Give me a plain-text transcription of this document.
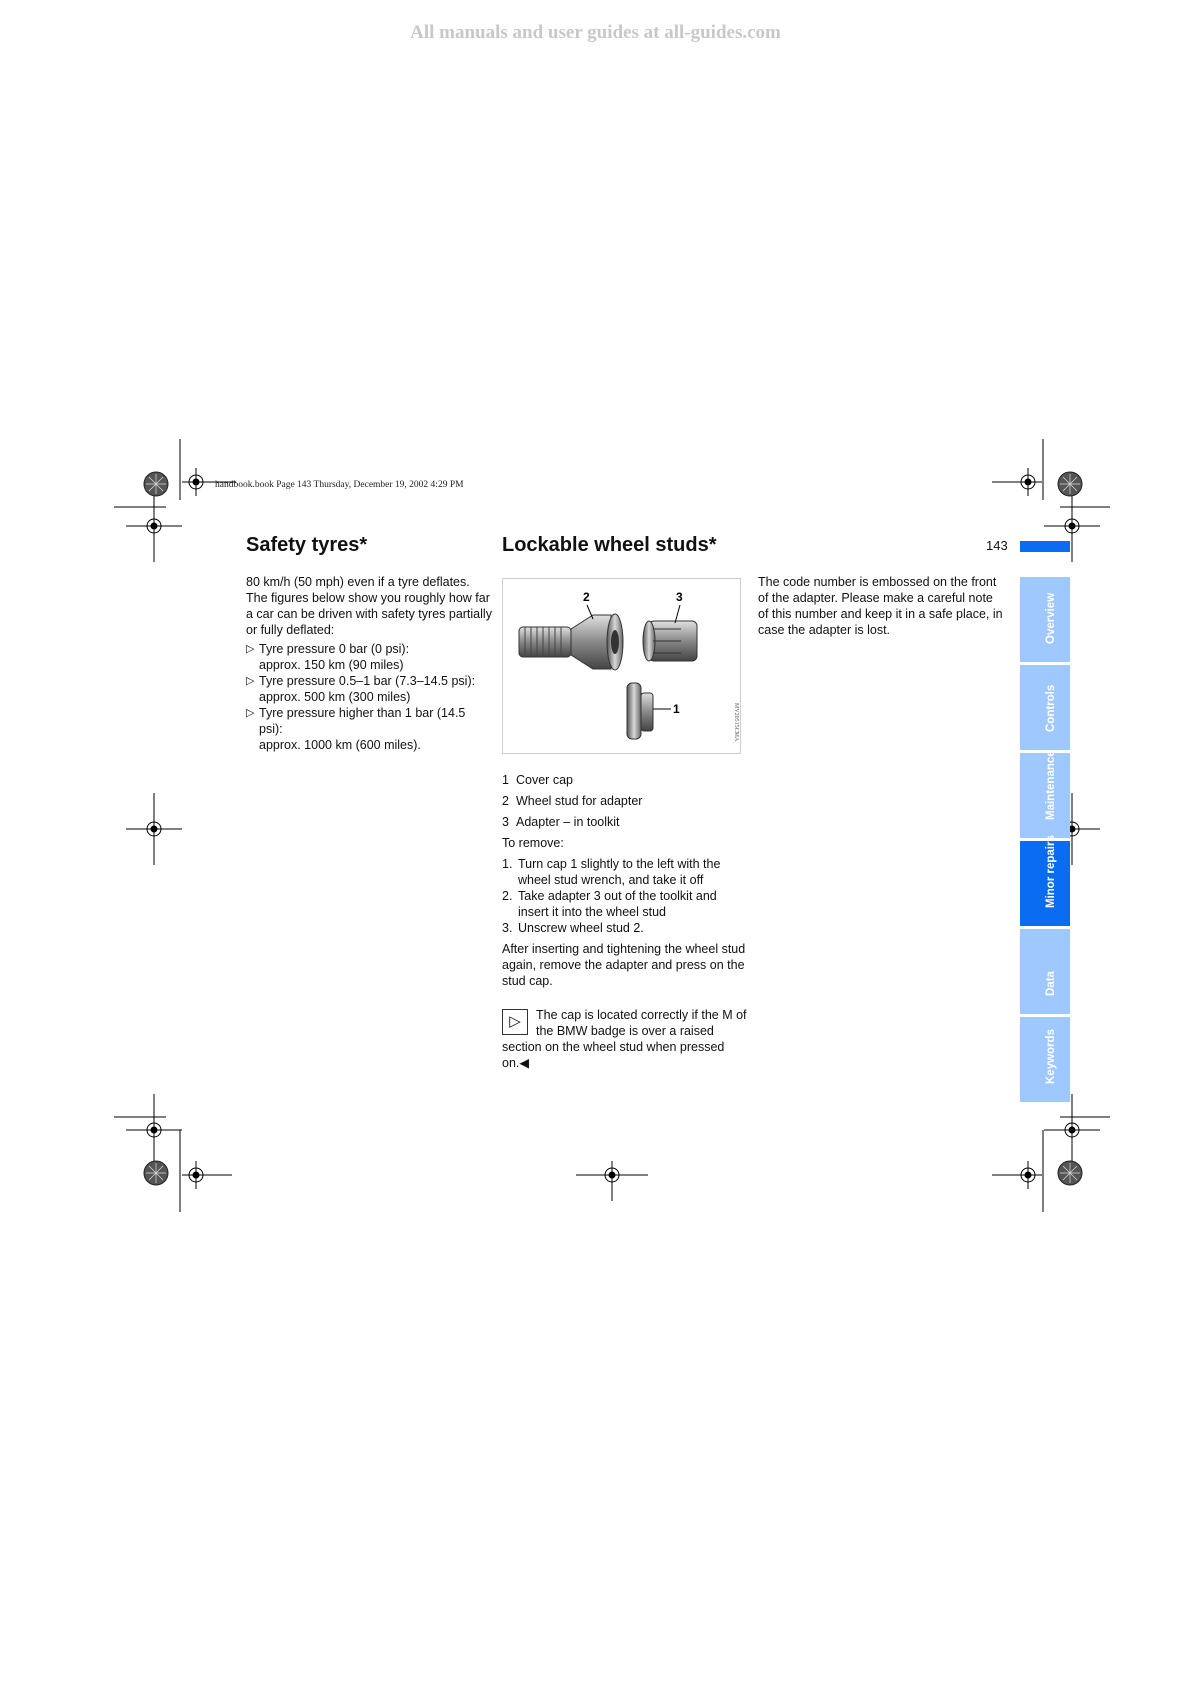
All manuals and user guides at all-guides.com
handbook.book Page 143 Thursday, December 19, 2002 4:29 PM
Safety tyres*

80 km/h (50 mph) even if a tyre deflates. The figures below show you roughly how far a car can be driven with safety tyres partially or fully deflated:

▷ Tyre pressure 0 bar (0 psi):
approx. 150 km (90 miles)
▷ Tyre pressure 0.5–1 bar (7.3–14.5 psi):
approx. 500 km (300 miles)
▷ Tyre pressure higher than 1 bar (14.5 psi):
approx. 1000 km (600 miles).
Lockable wheel studs*
2	3
1	MV20515CMA
1 Cover cap
2 Wheel stud for adapter
3 Adapter – in toolkit

To remove:

1. Turn cap 1 slightly to the left with the wheel stud wrench, and take it off
2. Take adapter 3 out of the toolkit and insert it into the wheel stud
3. Unscrew wheel stud 2.

After inserting and tightening the wheel stud again, remove the adapter and press on the stud cap.

▷	The cap is located correctly if the M of the BMW badge is over a raised section on the wheel stud when pressed on.◀

The code number is embossed on the front of the adapter. Please make a careful note of this number and keep it in a safe place, in case the adapter is lost.

143
Overview
Controls
Maintenance
Minor repairs
Data
Keywords
